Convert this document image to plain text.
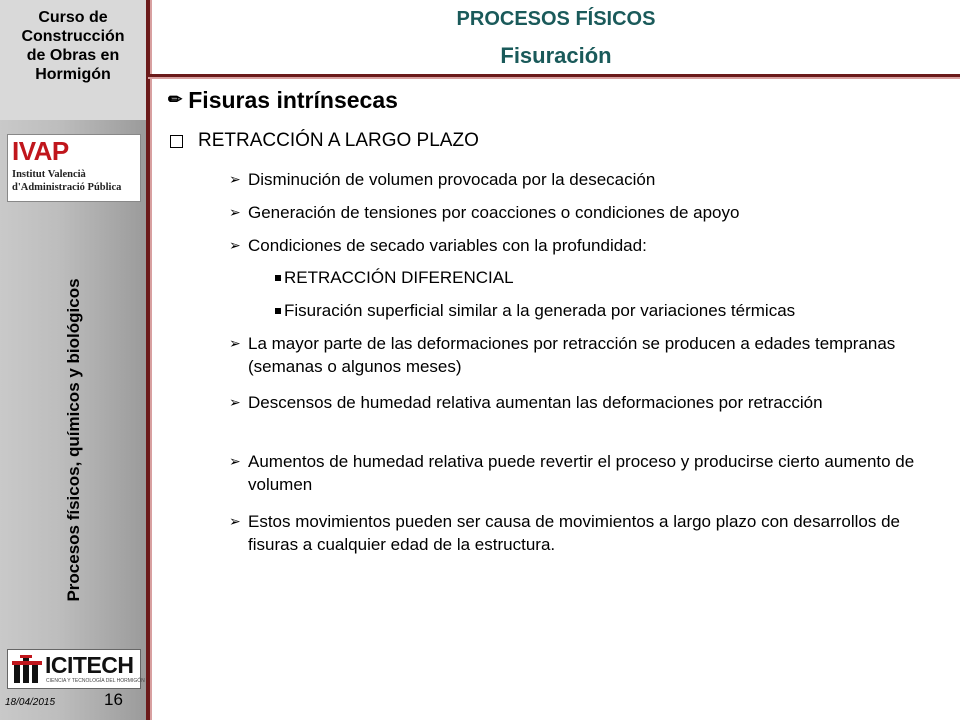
Curso de
Construcción
de Obras en
Hormigón
IVAP
Institut Valencià
d'Administració Pública
Procesos físicos, químicos y biológicos
ICITECH
CIENCIA Y TECNOLOGÍA DEL HORMIGÓN
18/04/2015	16
PROCESOS FÍSICOS
Fisuración
✏ Fisuras intrínsecas
RETRACCIÓN A LARGO PLAZO
➢ Disminución de volumen provocada por la desecación
➢ Generación de tensiones por coacciones o condiciones de apoyo
➢ Condiciones de secado variables con la profundidad:
RETRACCIÓN DIFERENCIAL
Fisuración superficial similar a la generada por variaciones térmicas
➢ La mayor parte de las deformaciones por retracción se producen a edades tempranas (semanas o algunos meses)
➢ Descensos de humedad relativa aumentan las deformaciones por retracción
➢ Aumentos de humedad relativa puede revertir el proceso y producirse cierto aumento de volumen
➢ Estos movimientos pueden ser causa de movimientos a largo plazo con desarrollos de fisuras a cualquier edad de la estructura.
